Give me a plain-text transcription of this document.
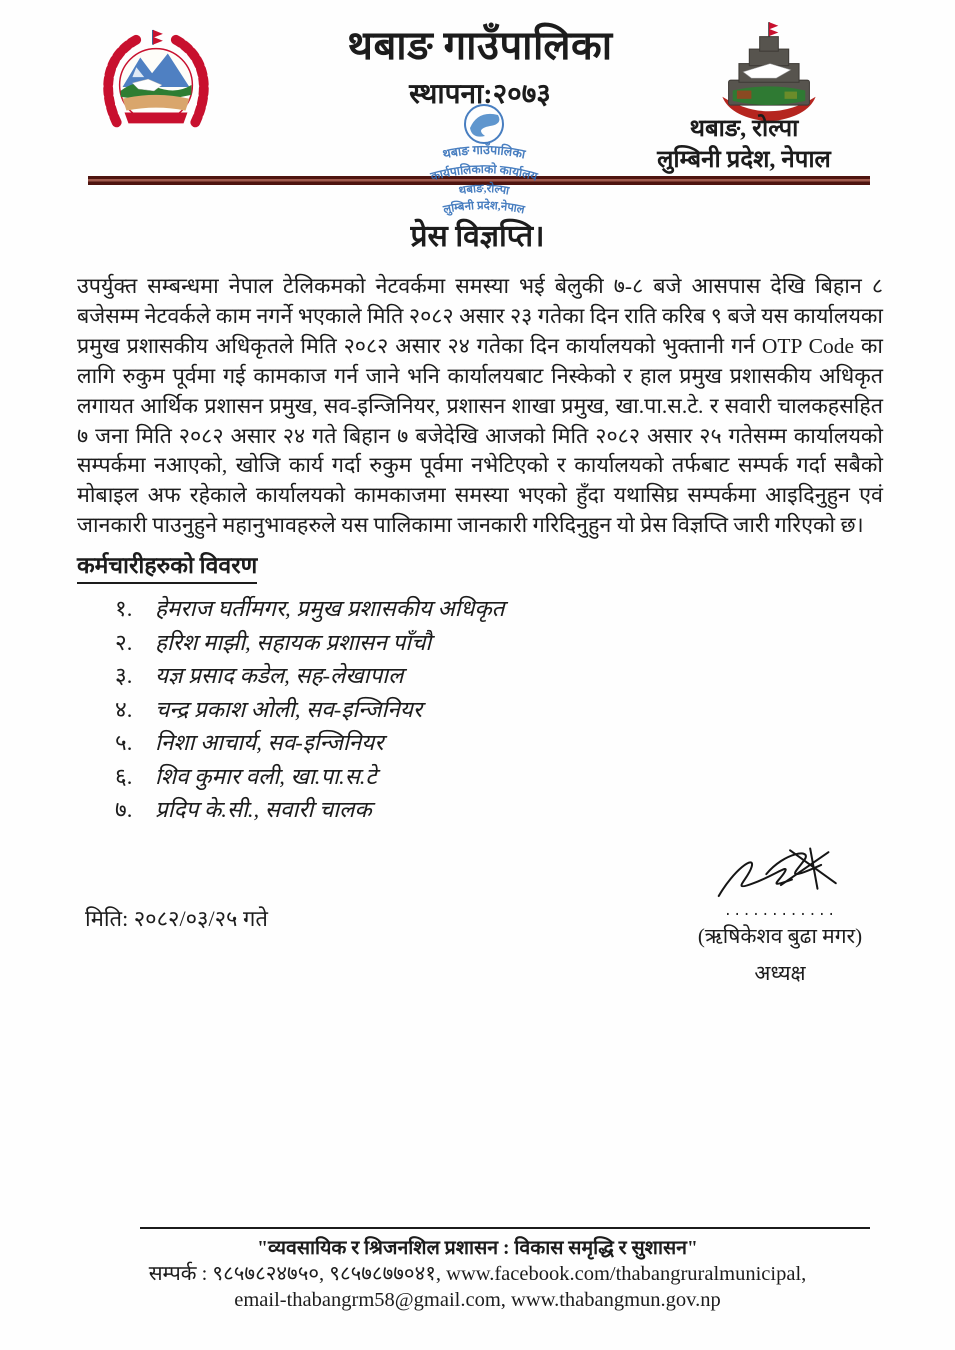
थबाङ गाउँपालिका
स्थापना:२०७३
थबाङ, रोल्पा
लुम्बिनी प्रदेश, नेपाल
थबाङ गाउँपालिका
कार्यपालिकाको कार्यालय
थबाङ,रोल्पा
लुम्बिनी प्रदेश,नेपाल
प्रेस विज्ञप्ति।

उपर्युक्त सम्बन्धमा नेपाल टेलिकमको नेटवर्कमा समस्या भई बेलुकी ७-८ बजे आसपास देखि बिहान ८ बजेसम्म नेटवर्कले काम नगर्ने भएकाले मिति २०८२ असार २३ गतेका दिन राति करिब ९ बजे यस कार्यालयका प्रमुख प्रशासकीय अधिकृतले मिति २०८२ असार २४ गतेका दिन कार्यालयको भुक्तानी गर्न OTP Code का लागि रुकुम पूर्वमा गई कामकाज गर्न जाने भनि कार्यालयबाट निस्केको र हाल प्रमुख प्रशासकीय अधिकृत लगायत आर्थिक प्रशासन प्रमुख, सव-इन्जिनियर, प्रशासन शाखा प्रमुख, खा.पा.स.टे. र सवारी चालकहसहित ७ जना मिति २०८२ असार २४ गते बिहान ७ बजेदेखि आजको मिति २०८२ असार २५ गतेसम्म कार्यालयको सम्पर्कमा नआएको, खोजि कार्य गर्दा रुकुम पूर्वमा नभेटिएको र कार्यालयको तर्फबाट सम्पर्क गर्दा सबैको मोबाइल अफ रहेकाले कार्यालयको कामकाजमा समस्या भएको हुँदा यथासिघ्र सम्पर्कमा आइदिनुहुन एवं जानकारी पाउनुहुने महानुभावहरुले यस पालिकामा जानकारी गरिदिनुहुन यो प्रेस विज्ञप्ति जारी गरिएको छ।

कर्मचारीहरुको विवरण
१. हेमराज घर्तीमगर, प्रमुख प्रशासकीय अधिकृत
२. हरिश माझी, सहायक प्रशासन पाँचौ
३. यज्ञ प्रसाद कडेल, सह-लेखापाल
४. चन्द्र प्रकाश ओली, सव-इन्जिनियर
५. निशा आचार्य, सव-इन्जिनियर
६. शिव कुमार वली, खा.पा.स.टे
७. प्रदिप के.सी., सवारी चालक
मिति: २०८२/०३/२५ गते	............
(ऋषिकेशव बुढा मगर)
अध्यक्ष
"व्यवसायिक र श्रिजनशिल प्रशासन : विकास समृद्धि र सुशासन"
सम्पर्क : ९८५७८२४७५०, ९८५७८७७०४१, www.facebook.com/thabangruralmunicipal,
email-thabangrm58@gmail.com, www.thabangmun.gov.np
